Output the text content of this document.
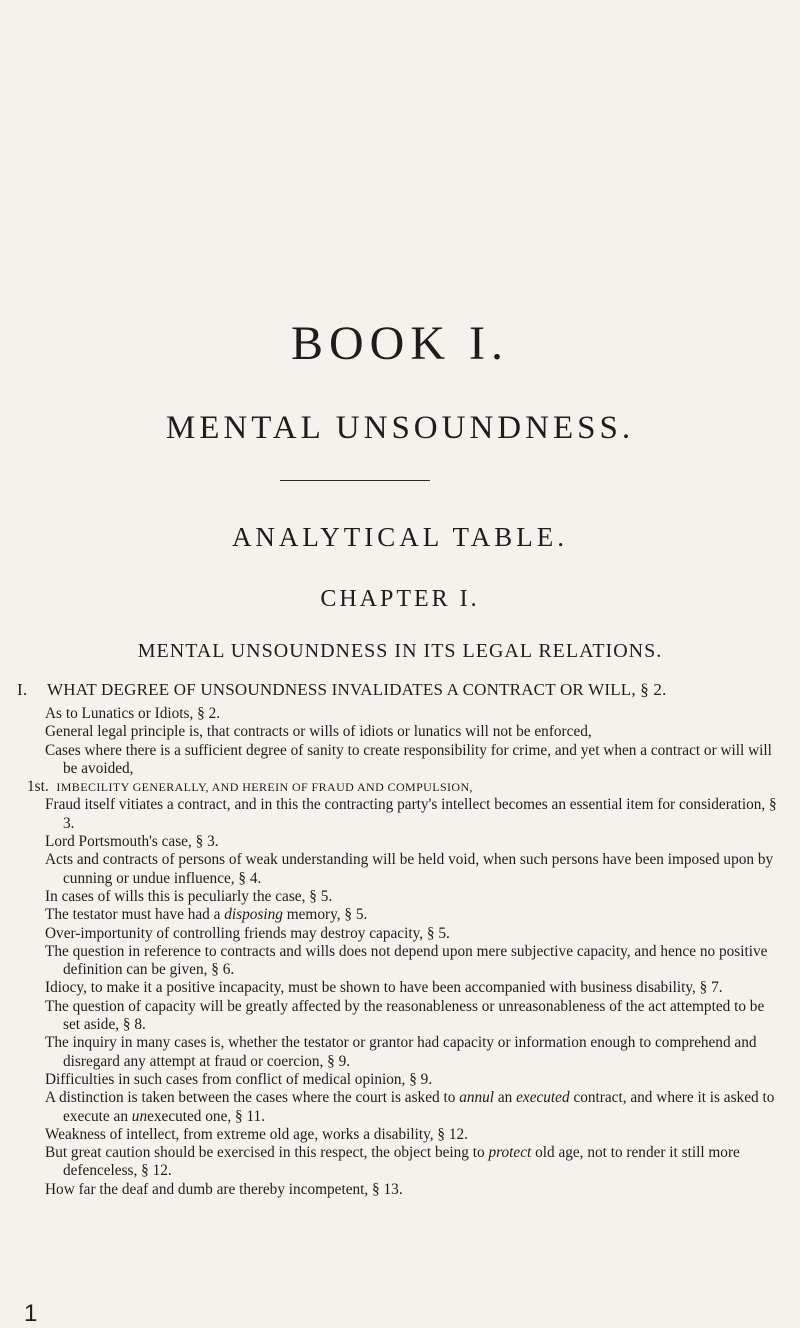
BOOK I.
MENTAL UNSOUNDNESS.
ANALYTICAL TABLE.
CHAPTER I.
MENTAL UNSOUNDNESS IN ITS LEGAL RELATIONS.
I. WHAT DEGREE OF UNSOUNDNESS INVALIDATES A CONTRACT OR WILL, § 2.

As to Lunatics or Idiots, § 2.

General legal principle is, that contracts or wills of idiots or lunatics will not be enforced,

Cases where there is a sufficient degree of sanity to create responsibility for crime, and yet when a contract or will will be avoided,

1st. IMBECILITY GENERALLY, AND HEREIN OF FRAUD AND COMPULSION,

Fraud itself vitiates a contract, and in this the contracting party's intellect becomes an essential item for consideration, § 3.

Lord Portsmouth's case, § 3.

Acts and contracts of persons of weak understanding will be held void, when such persons have been imposed upon by cunning or undue influence, § 4.

In cases of wills this is peculiarly the case, § 5.

The testator must have had a disposing memory, § 5.

Over-importunity of controlling friends may destroy capacity, § 5.

The question in reference to contracts and wills does not depend upon mere subjective capacity, and hence no positive definition can be given, § 6.

Idiocy, to make it a positive incapacity, must be shown to have been accompanied with business disability, § 7.

The question of capacity will be greatly affected by the reasonableness or unreasonableness of the act attempted to be set aside, § 8.

The inquiry in many cases is, whether the testator or grantor had capacity or information enough to comprehend and disregard any attempt at fraud or coercion, § 9.

Difficulties in such cases from conflict of medical opinion, § 9.

A distinction is taken between the cases where the court is asked to annul an executed contract, and where it is asked to execute an unexecuted one, § 11.

Weakness of intellect, from extreme old age, works a disability, § 12.

But great caution should be exercised in this respect, the object being to protect old age, not to render it still more defenceless, § 12.

How far the deaf and dumb are thereby incompetent, § 13.

1
